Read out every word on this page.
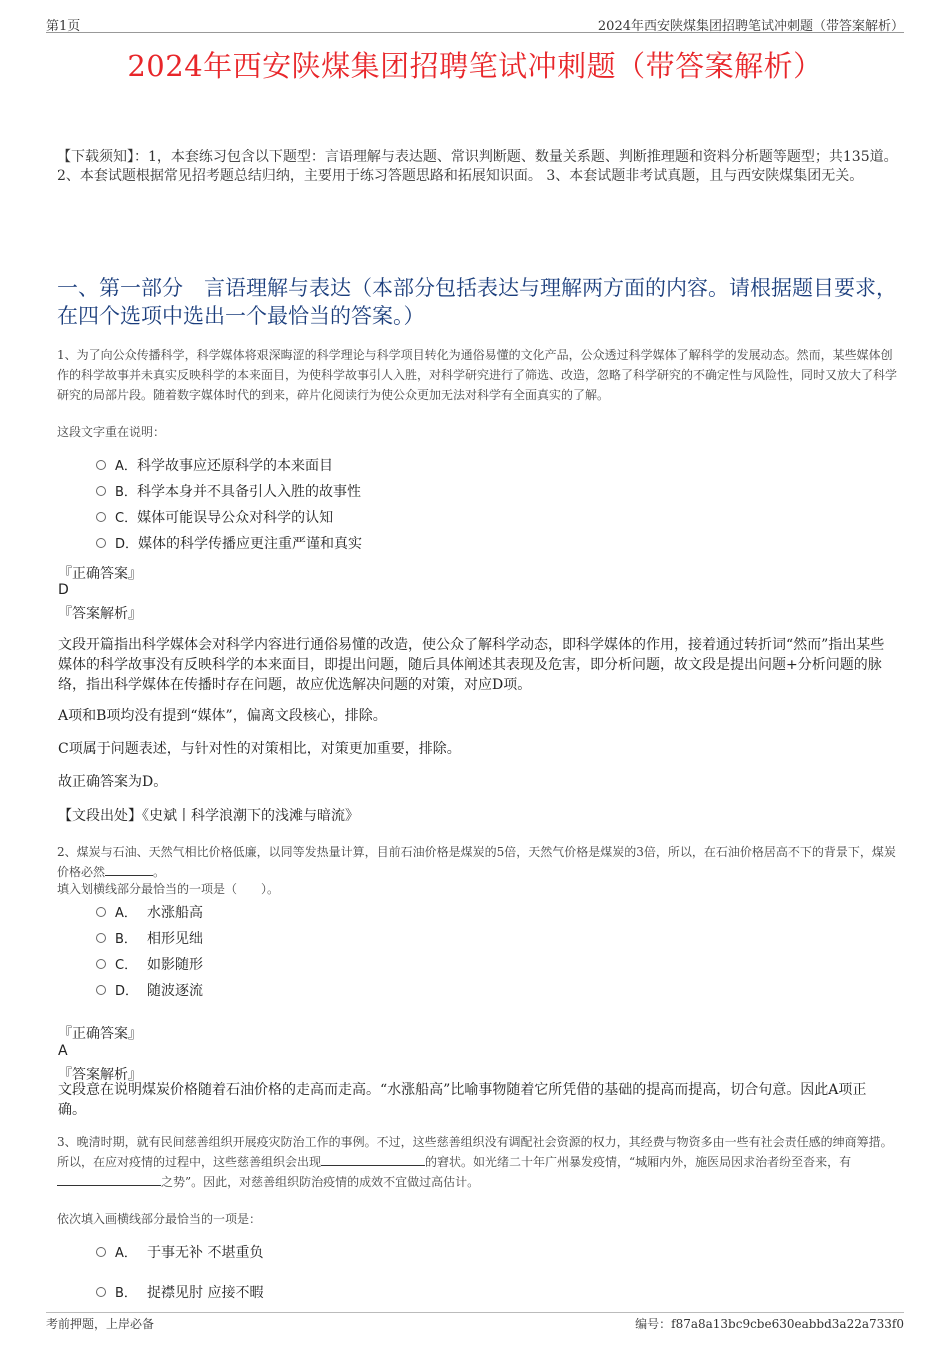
第1页	2024年西安陕煤集团招聘笔试冲刺题（带答案解析）
2024年西安陕煤集团招聘笔试冲刺题（带答案解析）
【下载须知】：1，本套练习包含以下题型：言语理解与表达题、常识判断题、数量关系题、判断推理题和资料分析题等题型；共135道。 2、本套试题根据常见招考题总结归纳，主要用于练习答题思路和拓展知识面。 3、本套试题非考试真题，且与西安陕煤集团无关。
一、第一部分　言语理解与表达（本部分包括表达与理解两方面的内容。请根据题目要求，在四个选项中选出一个最恰当的答案。）
1、为了向公众传播科学，科学媒体将艰深晦涩的科学理论与科学项目转化为通俗易懂的文化产品，公众透过科学媒体了解科学的发展动态。然而，某些媒体创作的科学故事并未真实反映科学的本来面目，为使科学故事引人入胜，对科学研究进行了筛选、改造，忽略了科学研究的不确定性与风险性，同时又放大了科学研究的局部片段。随着数字媒体时代的到来，碎片化阅读行为使公众更加无法对科学有全面真实的了解。
这段文字重在说明：
A．科学故事应还原科学的本来面目
B．科学本身并不具备引人入胜的故事性
C．媒体可能误导公众对科学的认知
D．媒体的科学传播应更注重严谨和真实
『正确答案』
D
『答案解析』
文段开篇指出科学媒体会对科学内容进行通俗易懂的改造，使公众了解科学动态，即科学媒体的作用，接着通过转折词“然而”指出某些媒体的科学故事没有反映科学的本来面目，即提出问题，随后具体阐述其表现及危害，即分析问题，故文段是提出问题+分析问题的脉络，指出科学媒体在传播时存在问题，故应优选解决问题的对策，对应D项。
A项和B项均没有提到“媒体”，偏离文段核心，排除。
C项属于问题表述，与针对性的对策相比，对策更加重要，排除。
故正确答案为D。
【文段出处】《史斌丨科学浪潮下的浅滩与暗流》
2、煤炭与石油、天然气相比价格低廉，以同等发热量计算，目前石油价格是煤炭的5倍，天然气价格是煤炭的3倍，所以，在石油价格居高不下的背景下，煤炭价格必然	。
填入划横线部分最恰当的一项是（　　）。
A． 水涨船高
B． 相形见绌
C． 如影随形
D． 随波逐流
『正确答案』
A
『答案解析』
文段意在说明煤炭价格随着石油价格的走高而走高。“水涨船高”比喻事物随着它所凭借的基础的提高而提高，切合句意。因此A项正确。
3、晚清时期，就有民间慈善组织开展疫灾防治工作的事例。不过，这些慈善组织没有调配社会资源的权力，其经费与物资多由一些有社会责任感的绅商筹措。所以，在应对疫情的过程中，这些慈善组织会出现	的窘状。如光绪二十年广州暴发疫情，“城厢内外，施医局因求治者纷至沓来，有之势”。因此，对慈善组织防治疫情的成效不宜做过高估计。
依次填入画横线部分最恰当的一项是：
A． 于事无补 不堪重负
B． 捉襟见肘 应接不暇
考前押题，上岸必备	编号：f87a8a13bc9cbe630eabbd3a22a733f0
